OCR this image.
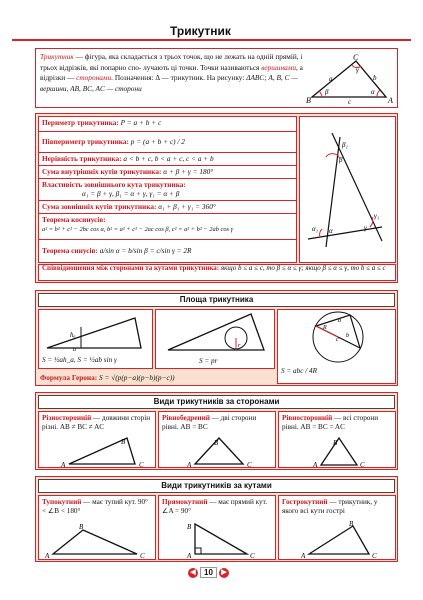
Трикутник
Трикутник — фігура, яка складається з трьох точок, що не лежать на одній прямій, і трьох відрізків, які попарно спо- лучають ці точки. Точки називаються вершинами, а відрізки — сторонами. Позначення: Δ — трикутник. На рисунку: ΔABC; A, B, C — вершини, AB, BC, AC — сторони
B	A
C
a	b
c
β
γ
α
Периметр трикутника: P = a + b + c
Півпериметр трикутника: p = (a + b + c) / 2
Нерівність трикутника: a < b + c, b < a + c, c < a + b
Сума внутрішніх кутів трикутника: α + β + γ = 180°
Властивість зовнішнього кута трикутника:
α₁ = β + γ, β₁ = α + γ, γ₁ = α + β
Сума зовнішніх кутів трикутника: α₁ + β₁ + γ₁ = 360°
Теорема косинусів:
a² = b² + c² − 2bc cos α, b² = a² + c² − 2ac cos β, c² = a² + b² − 2ab cos γ
Теорема синусів: a/sin α = b/sin β = c/sin γ = 2R
β₁
β
α₁ α
γ₁
γ
Співвідношення між сторонами та кутами трикутника: якщо b ≤ a ≤ c, то β ≤ α ≤ γ; якщо β ≤ α ≤ γ, то b ≤ a ≤ c
Площа трикутника
hₐ
a
S = ½ah_a, S = ½ab sin γ
r
S = pr
R
a
b
c
S = abc / 4R
Формула Герона: S = √(p(p−a)(p−b)(p−c))
Види трикутників за сторонами
Різносторонній — довжини сторін різні. AB ≠ BC ≠ AC
A
B
C
Рівнобедрений — дві сторони рівні. AB = BC
A
B
C
Рівносторонній — всі сторони рівні. AB = BC = AC
A
B
C
Види трикутників за кутами
Тупокутний — має тупий кут. 90° < ∠B < 180°
A
B
C
Прямокутний — має прямий кут. ∠A = 90°
A
B
C
Гострокутний — трикутник, у якого всі кути гострі
A
B
C
◀ 10 ▶
